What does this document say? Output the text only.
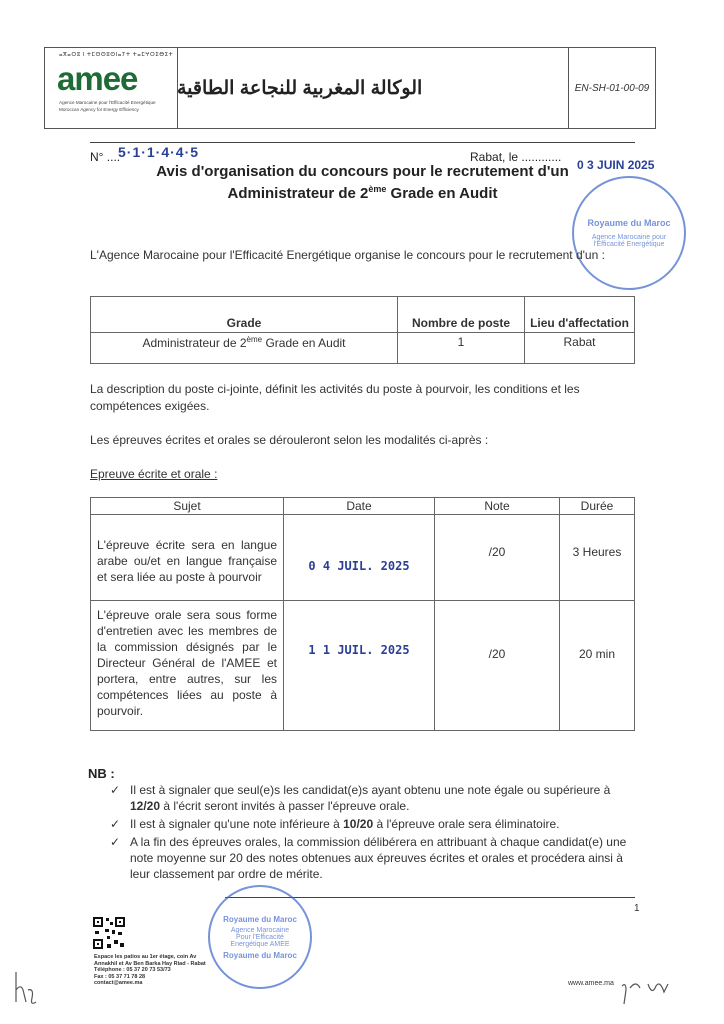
ⴰⴳⴰⵔⵓ ⵏ ⵜⵎⵙⵙⵓⵙⵏⴰⵢⵜ ⵜⴰⵎⵖⵔⵉⴱⵉⵜ
amee
Agence Marocaine pour l'Efficacité Energétique
Moroccan Agency for Energy Efficiency
الوكالة المغربية للنجاعة الطاقية	EN-SH-01-00-09
N° ....
5·1·1·4·4·5	Rabat, le ............
0 3 JUIN 2025
Avis d'organisation du concours pour le recrutement d'un
Administrateur de 2ème Grade en Audit
Royaume du Maroc
Agence Marocaine pour l'Efficacité Energétique
L'Agence Marocaine pour l'Efficacité Energétique organise le concours pour le recrutement d'un :
Grade	Nombre de poste	Lieu d'affectation
Administrateur de 2ème Grade en Audit	1	Rabat
La description du poste ci-jointe, définit les activités du poste à pourvoir, les conditions et les compétences exigées.
Les épreuves écrites et orales se dérouleront selon les modalités ci-après :
Epreuve écrite et orale :
Sujet	Date	Note	Durée
L'épreuve écrite sera en langue arabe ou/et en langue française et sera liée au poste à pourvoir	0 4 JUIL. 2025	/20	3 Heures
L'épreuve orale sera sous forme d'entretien avec les membres de la commission désignés par le Directeur Général de l'AMEE et portera, entre autres, sur les compétences liées au poste à pourvoir.	1 1 JUIL. 2025	/20	20 min
NB :
✓ Il est à signaler que seul(e)s les candidat(e)s ayant obtenu une note égale ou supérieure à 12/20 à l'écrit seront invités à passer l'épreuve orale.
✓ Il est à signaler qu'une note inférieure à 10/20 à l'épreuve orale sera éliminatoire.
✓ A la fin des épreuves orales, la commission délibérera en attribuant à chaque candidat(e) une note moyenne sur 20 des notes obtenues aux épreuves écrites et orales et procédera ainsi à leur classement par ordre de mérite.
1
Espace les patios au 1er étage, coin Av
Annakhil et Av Ben Barka Hay Riad - Rabat
Téléphone : 05 37 20 73 53/73
Fax : 05 37 71 78 28
contact@amee.ma
Royaume du Maroc
Agence Marocaine Pour l'Efficacité Energétique AMEE
Royaume du Maroc
www.amee.ma
